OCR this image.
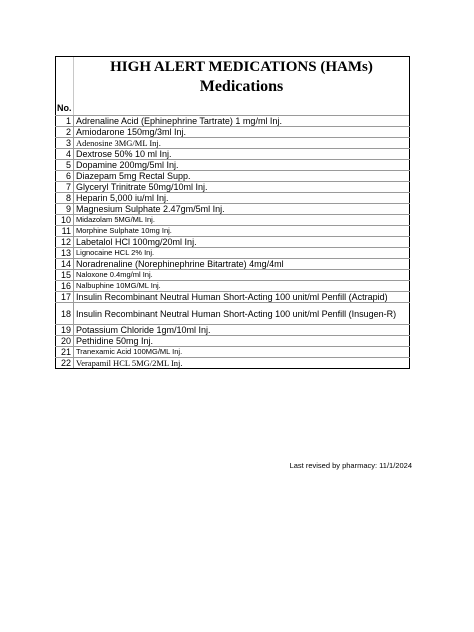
HIGH ALERT MEDICATIONS (HAMs)
No.
Medications
1	Adrenaline Acid (Ephinephrine Tartrate) 1 mg/ml Inj.
2	Amiodarone 150mg/3ml Inj.
3	Adenosine 3MG/ML Inj.
4	Dextrose 50% 10 ml Inj.
5	Dopamine 200mg/5ml Inj.
6	Diazepam 5mg Rectal Supp.
7	Glyceryl Trinitrate 50mg/10ml Inj.
8	Heparin 5,000 iu/ml Inj.
9	Magnesium Sulphate 2.47gm/5ml Inj.
10	Midazolam 5MG/ML Inj.
11	Morphine Sulphate 10mg Inj.
12	Labetalol HCl 100mg/20ml Inj.
13	Lignocaine HCL 2% Inj.
14	Noradrenaline (Norephinephrine Bitartrate) 4mg/4ml
15	Naloxone 0.4mg/ml Inj.
16	Nalbuphine 10MG/ML Inj.
17	Insulin Recombinant Neutral Human Short-Acting 100 unit/ml Penfill (Actrapid)
18	Insulin Recombinant Neutral Human Short-Acting 100 unit/ml Penfill (Insugen-R)
19	Potassium Chloride 1gm/10ml Inj.
20	Pethidine 50mg Inj.
21	Tranexamic Acid 100MG/ML Inj.
22	Verapamil HCL 5MG/2ML Inj.
Last revised by pharmacy: 11/1/2024
